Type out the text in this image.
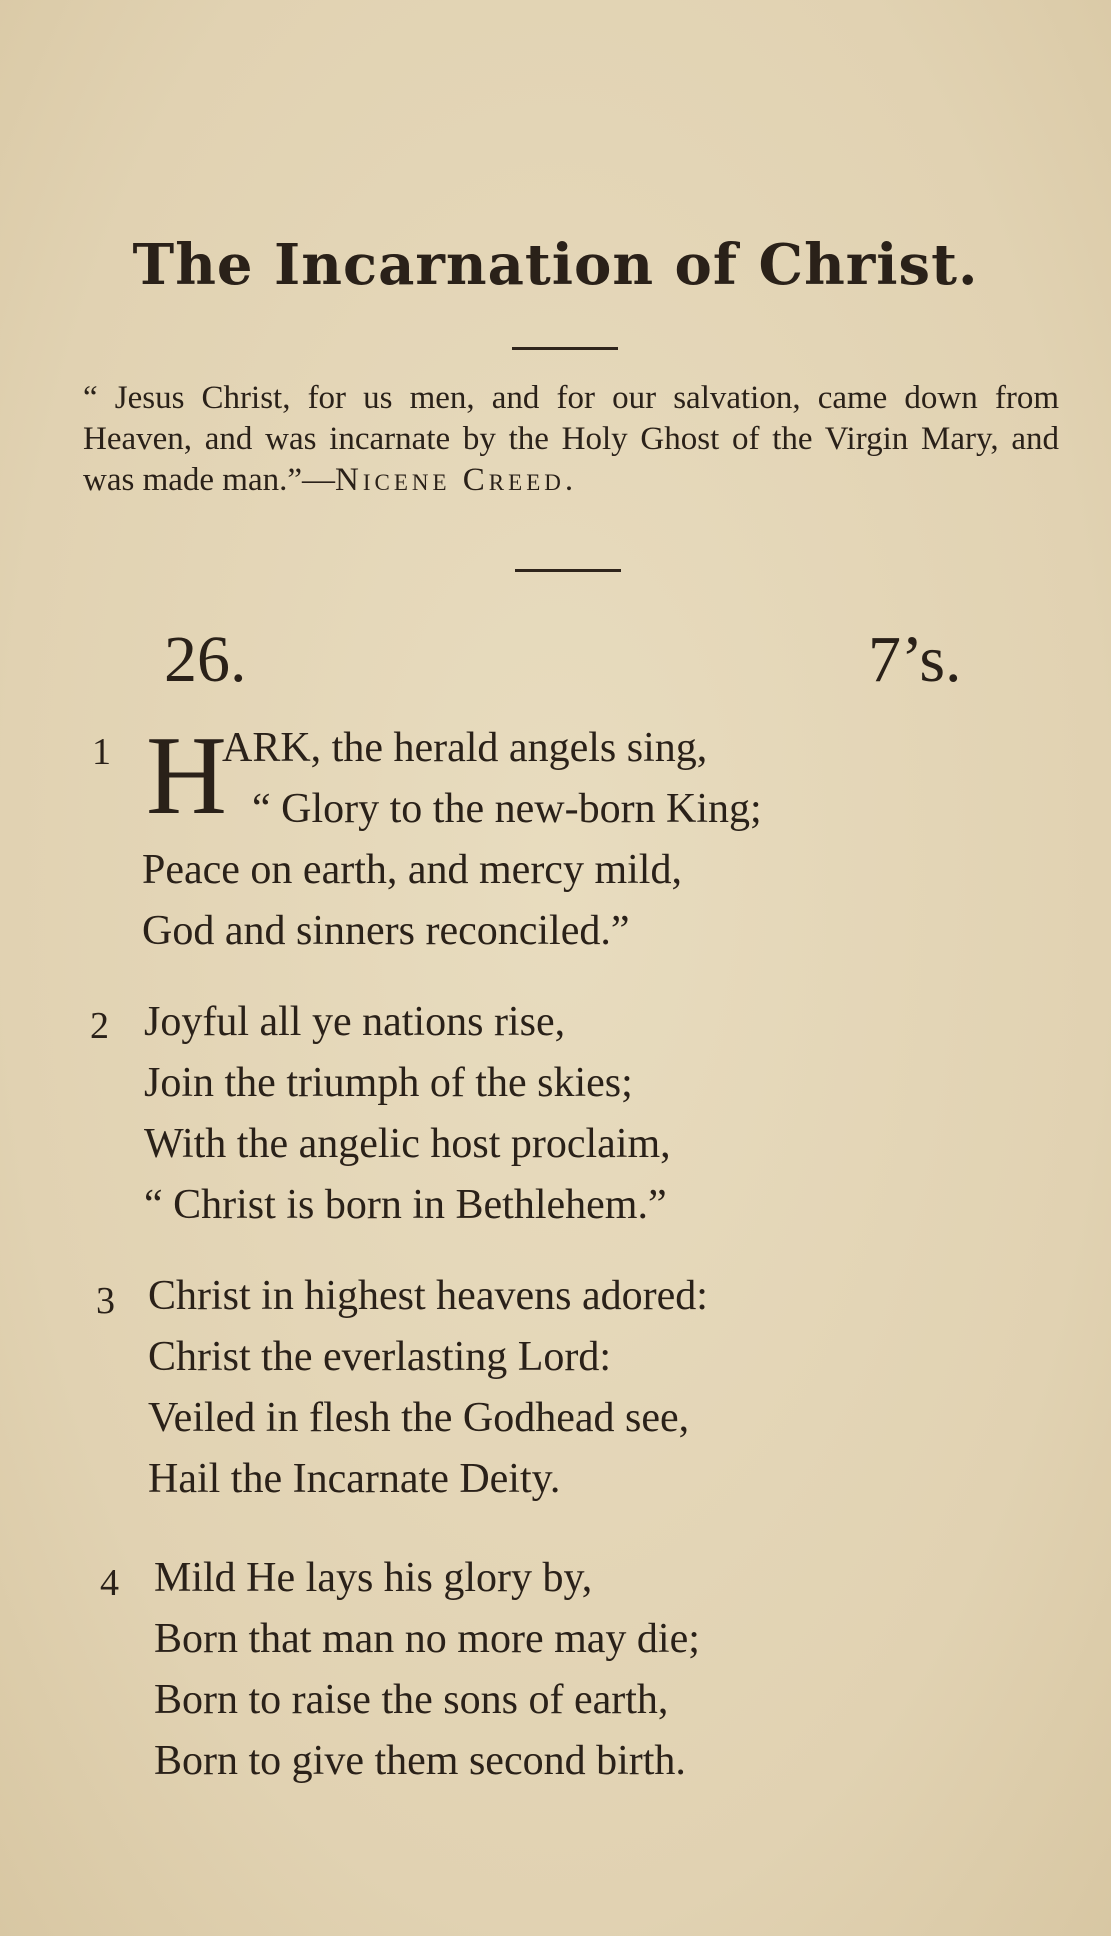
The Incarnation of Christ.
“ Jesus Christ, for us men, and for our salvation, came down from Heaven, and was incarnate by the Holy Ghost of the Virgin Mary, and was made man.”—Nicene Creed.
26.	7’s.
1 H
ARK, the herald angels sing,
“ Glory to the new-born King;
Peace on earth, and mercy mild,
God and sinners reconciled.”
2 Joyful all ye nations rise,
Join the triumph of the skies;
With the angelic host proclaim,
“ Christ is born in Bethlehem.”
3 Christ in highest heavens adored:
Christ the everlasting Lord:
Veiled in flesh the Godhead see,
Hail the Incarnate Deity.
4 Mild He lays his glory by,
Born that man no more may die;
Born to raise the sons of earth,
Born to give them second birth.
